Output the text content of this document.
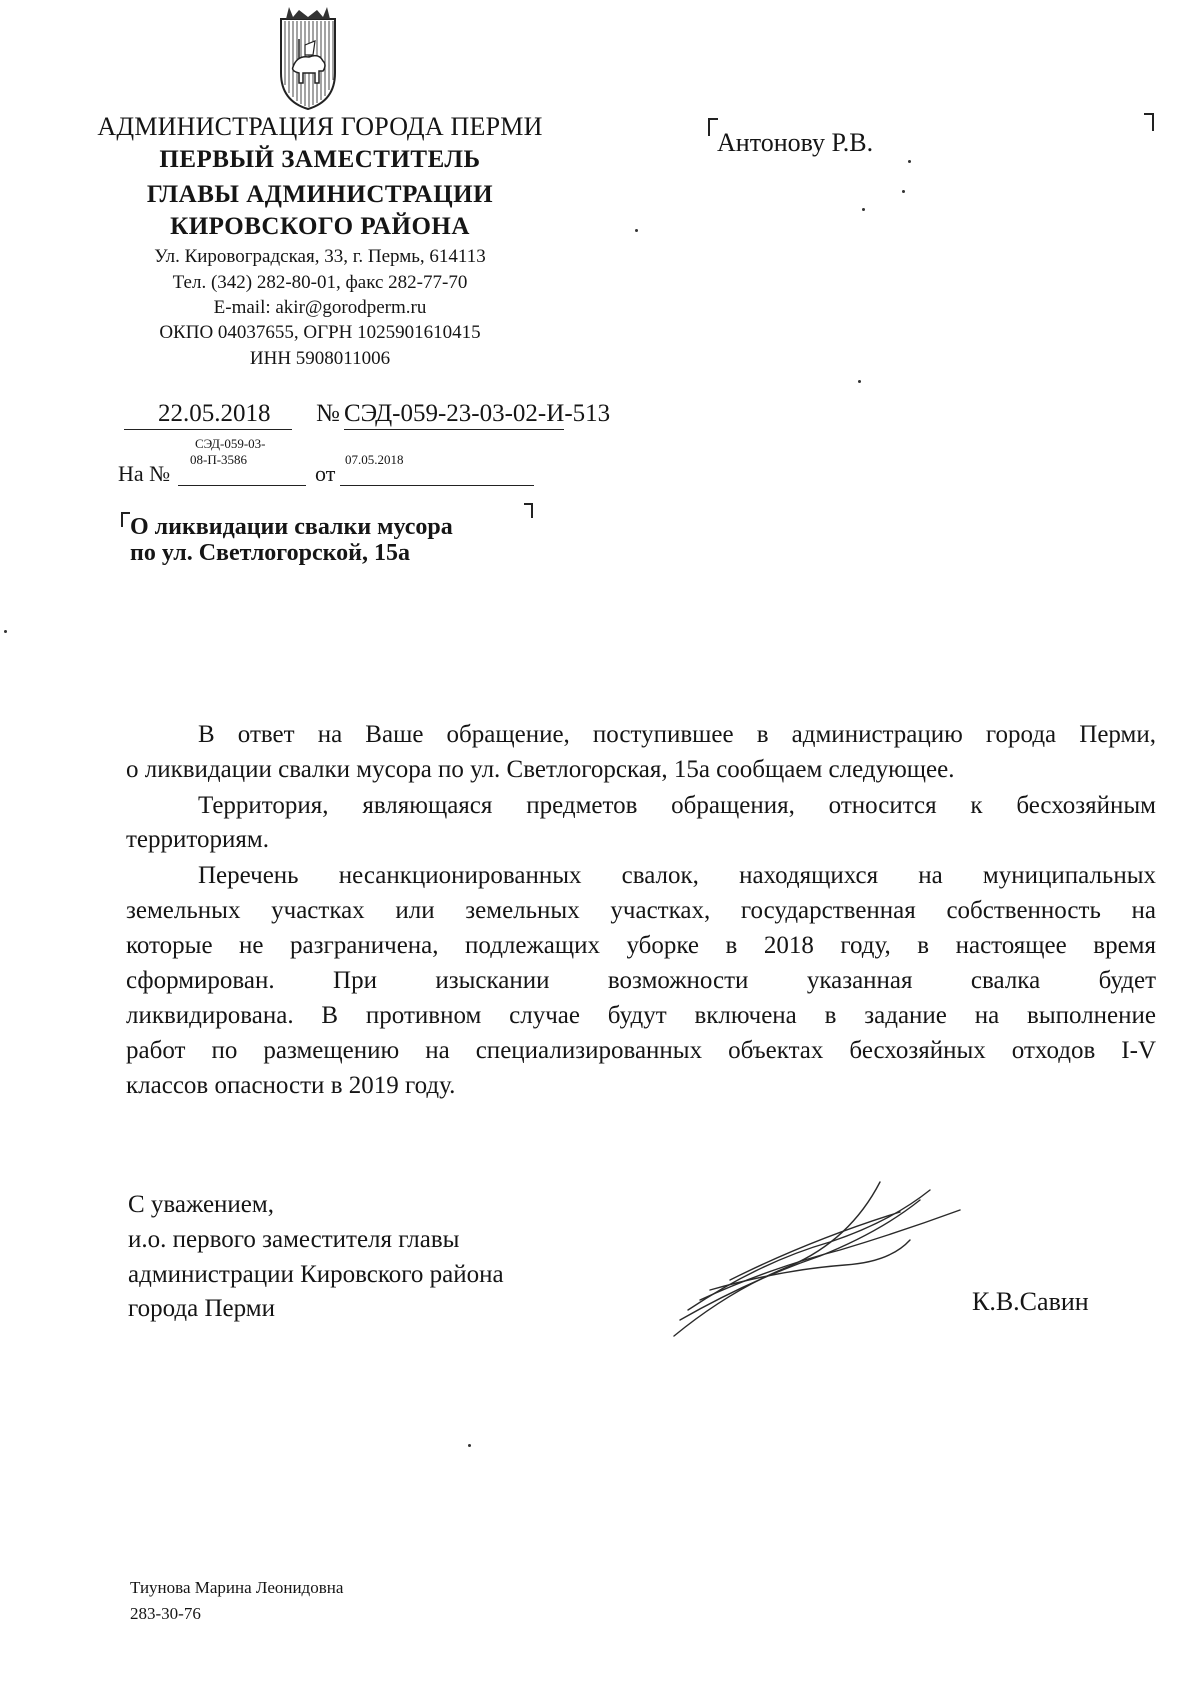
АДМИНИСТРАЦИЯ ГОРОДА ПЕРМИ
ПЕРВЫЙ ЗАМЕСТИТЕЛЬ
ГЛАВЫ АДМИНИСТРАЦИИ
КИРОВСКОГО РАЙОНА
Ул. Кировоградская, 33, г. Пермь, 614113
Тел. (342) 282-80-01, факс 282-77-70
E-mail: akir@gorodperm.ru
ОКПО 04037655, ОГРН 1025901610415
ИНН 5908011006
Антонову Р.В.
22.05.2018 № СЭД-059-23-03-02-И-513
СЭД-059-03-
08-П-3586
На №	от
07.05.2018
О ликвидации свалки мусора
по ул. Светлогорской, 15а
В ответ на Ваше обращение, поступившее в администрацию города Перми,
о ликвидации свалки мусора по ул. Светлогорская, 15а сообщаем следующее.
Территория, являющаяся предметов обращения, относится к бесхозяйным
территориям.
Перечень несанкционированных свалок, находящихся на муниципальных
земельных участках или земельных участках, государственная собственность на
которые не разграничена, подлежащих уборке в 2018 году, в настоящее время
сформирован. При изыскании возможности указанная свалка будет
ликвидирована. В противном случае будут включена в задание на выполнение
работ по размещению на специализированных объектах бесхозяйных отходов I-V
классов опасности в 2019 году.
С уважением,
и.о. первого заместителя главы
администрации Кировского района
города Перми	К.В.Савин
Тиунова Марина Леонидовна
283-30-76
